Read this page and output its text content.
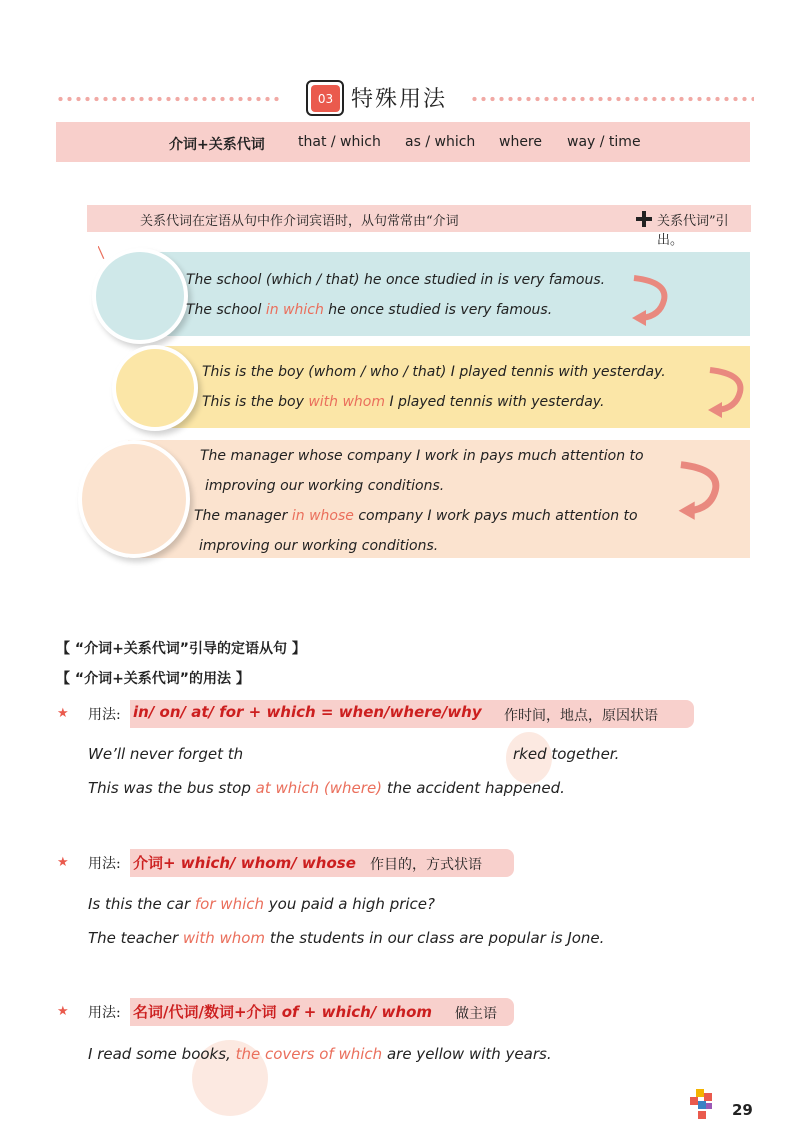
03 特殊用法
介词+关系代词 that / which as / which where way / time
关系代词在定语从句中作介词宾语时，从句常常由“介词	关系代词”引出。
The school (which / that) he once studied in is very famous.
The school in which he once studied is very famous.
This is the boy (whom / who / that) I played tennis with yesterday.
This is the boy with whom I played tennis with yesterday.
The manager whose company I work in pays much attention to
improving our working conditions.
The manager in whose company I work pays much attention to
improving our working conditions.
【 “介词+关系代词”引导的定语从句 】
【 “介词+关系代词”的用法 】
★ 用法: in/ on/ at/ for + which = when/where/why 作时间，地点，原因状语
We’ll never forget th	rked together.
This was the bus stop at which (where) the accident happened.
★ 用法: 介词+ which/ whom/ whose 作目的，方式状语
Is this the car for which you paid a high price?
The teacher with whom the students in our class are popular is Jone.
★ 用法: 名词/代词/数词+介词 of + which/ whom 做主语
I read some books, the covers of which are yellow with years.
29
